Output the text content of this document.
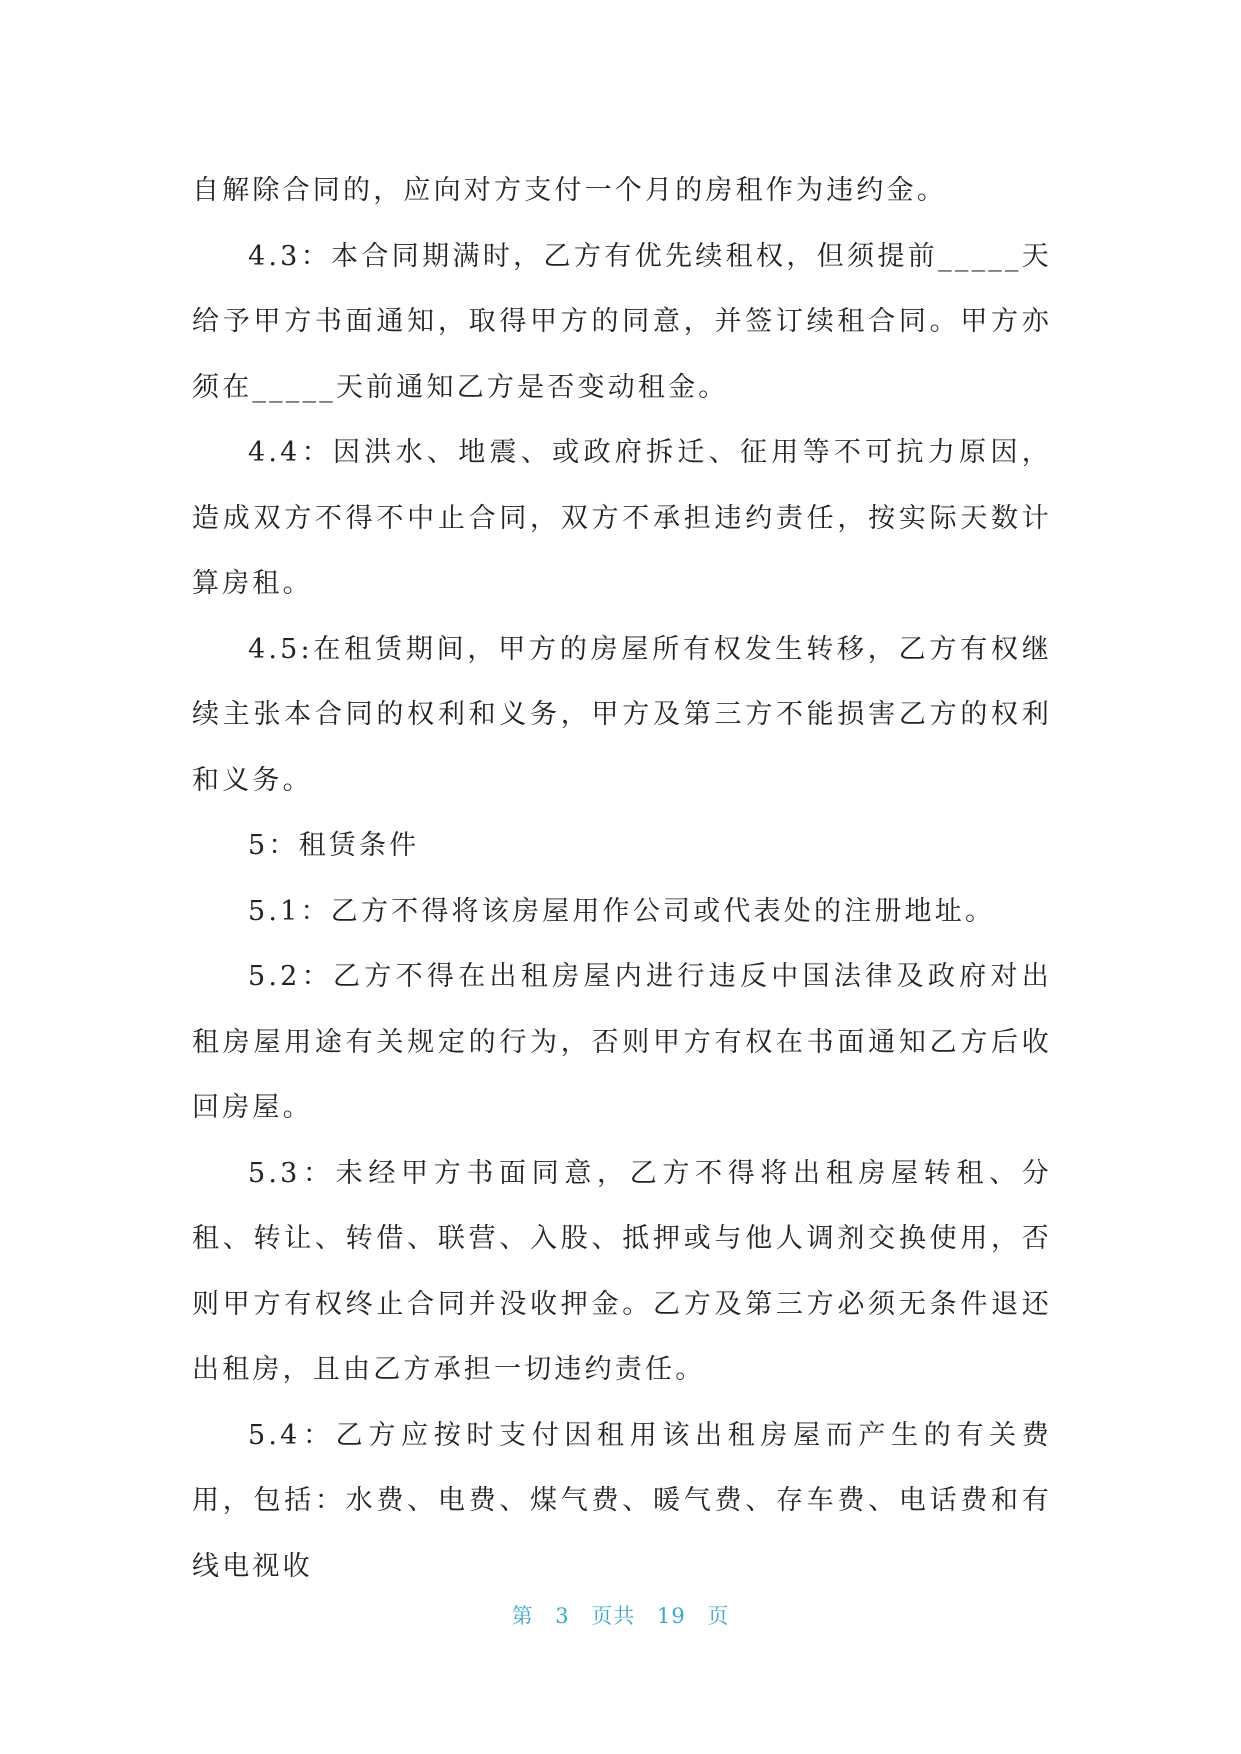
自解除合同的，应向对方支付一个月的房租作为违约金。

4.3：本合同期满时，乙方有优先续租权，但须提前_____天给予甲方书面通知，取得甲方的同意，并签订续租合同。甲方亦须在_____天前通知乙方是否变动租金。

4.4：因洪水、地震、或政府拆迁、征用等不可抗力原因，造成双方不得不中止合同，双方不承担违约责任，按实际天数计算房租。

4.5:在租赁期间，甲方的房屋所有权发生转移，乙方有权继续主张本合同的权利和义务，甲方及第三方不能损害乙方的权利和义务。

5：租赁条件

5.1：乙方不得将该房屋用作公司或代表处的注册地址。

5.2：乙方不得在出租房屋内进行违反中国法律及政府对出租房屋用途有关规定的行为，否则甲方有权在书面通知乙方后收回房屋。

5.3：未经甲方书面同意，乙方不得将出租房屋转租、分租、转让、转借、联营、入股、抵押或与他人调剂交换使用，否则甲方有权终止合同并没收押金。乙方及第三方必须无条件退还出租房，且由乙方承担一切违约责任。

5.4：乙方应按时支付因租用该出租房屋而产生的有关费用，包括：水费、电费、煤气费、暖气费、存车费、电话费和有线电视收

第 3 页共 19 页
